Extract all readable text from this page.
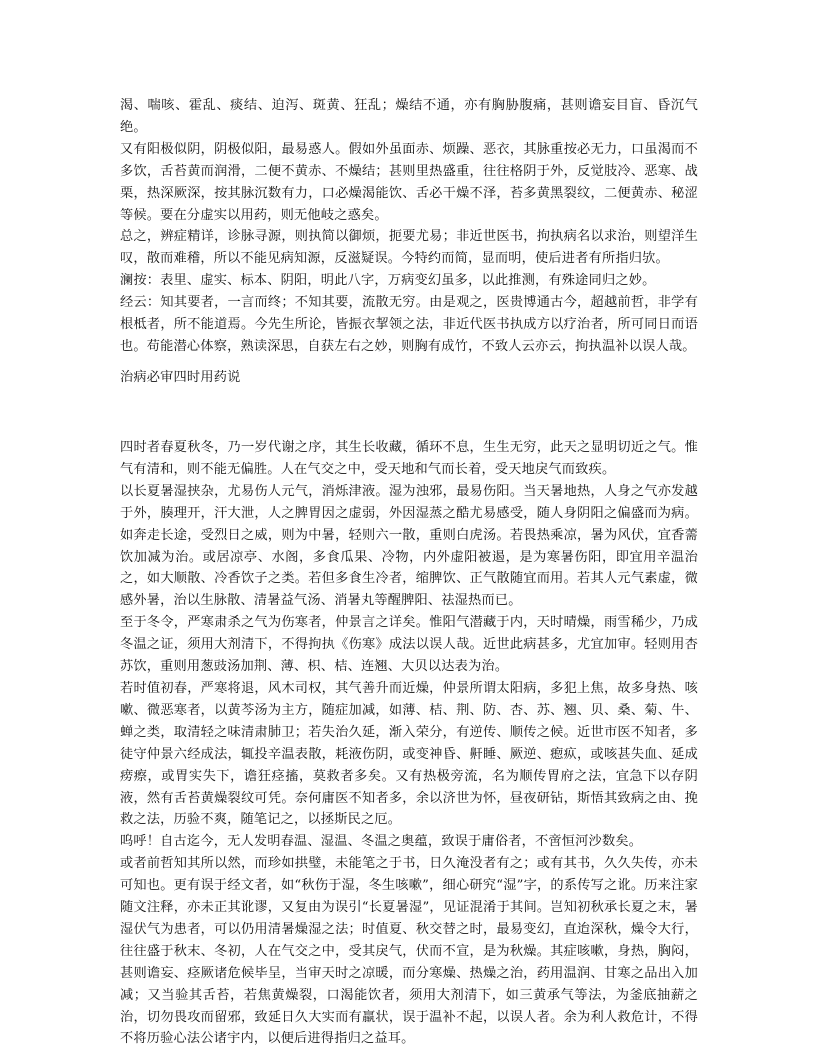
渴、喘咳、霍乱、痰结、迫泻、斑黄、狂乱；燥结不通，亦有胸胁腹痛，甚则谵妄目盲、昏沉气绝。

又有阳极似阴，阴极似阳，最易惑人。假如外虽面赤、烦躁、恶衣，其脉重按必无力，口虽渴而不多饮，舌苔黄而润滑，二便不黄赤、不燥结；甚则里热盛重，往往格阴于外，反觉肢冷、恶寒、战栗，热深厥深，按其脉沉数有力，口必燥渴能饮、舌必干燥不泽，苔多黄黑裂纹，二便黄赤、秘涩等候。要在分虚实以用药，则无他岐之惑矣。

总之，辨症精详，诊脉寻源，则执简以御烦，扼要尤易；非近世医书，拘执病名以求治，则望洋生叹，散而难稽，所以不能见病知源，反滋疑误。今特约而简，显而明，使后进者有所指归欤。

澜按：表里、虚实、标本、阴阳，明此八字，万病变幻虽多，以此推测，有殊途同归之妙。

经云：知其要者，一言而终；不知其要，流散无穷。由是观之，医贵博通古今，超越前哲，非学有根柢者，所不能道焉。今先生所论，皆振衣挈领之法，非近代医书执成方以疗治者，所可同日而语也。苟能潜心体察，熟读深思，自获左右之妙，则胸有成竹，不致人云亦云，拘执温补以误人哉。

治病必审四时用药说

四时者春夏秋冬，乃一岁代谢之序，其生长收藏，循环不息，生生无穷，此天之显明切近之气。惟气有清和，则不能无偏胜。人在气交之中，受天地和气而长着，受天地戾气而致疾。

以长夏暑湿挟杂，尤易伤人元气，消烁津液。湿为浊邪，最易伤阳。当天暑地热，人身之气亦发越于外，腠理开，汗大泄，人之脾胃因之虚弱，外因湿蒸之酷尤易感受，随人身阴阳之偏盛而为病。如奔走长途，受烈日之威，则为中暑，轻则六一散，重则白虎汤。若畏热乘凉，暑为风伏，宜香薷饮加减为治。或居凉亭、水阁，多食瓜果、冷物，内外虚阳被遏，是为寒暑伤阳，即宜用辛温治之，如大顺散、冷香饮子之类。若但多食生冷者，缩脾饮、正气散随宜而用。若其人元气素虚，微感外暑，治以生脉散、清暑益气汤、消暑丸等醒脾阳、祛湿热而已。

至于冬令，严寒肃杀之气为伤寒者，仲景言之详矣。惟阳气潜藏于内，天时晴燥，雨雪稀少，乃成冬温之证，须用大剂清下，不得拘执《伤寒》成法以误人哉。近世此病甚多，尤宜加审。轻则用杏苏饮，重则用葱豉汤加荆、薄、枳、桔、连翘、大贝以达表为治。

若时值初春，严寒将退，风木司权，其气善升而近燥，仲景所谓太阳病，多犯上焦，故多身热、咳嗽、微恶寒者，以黄芩汤为主方，随症加减，如薄、桔、荆、防、杏、苏、翘、贝、桑、菊、牛、蝉之类，取清轻之味清肃肺卫；若失治久延，渐入荣分，有逆传、顺传之候。近世市医不知者，多徒守仲景六经成法，辄投辛温表散，耗液伤阴，或变神昏、鼾睡、厥逆、瘛疭，或咳甚失血、延成痨瘵，或胃实失下，谵狂痉搐，莫救者多矣。又有热极旁流，名为顺传胃府之法，宜急下以存阴液，然有舌苔黄燥裂纹可凭。奈何庸医不知者多，余以济世为怀，昼夜研钻，斯悟其致病之由、挽救之法，历验不爽，随笔记之，以拯斯民之厄。

呜呼！自古迄今，无人发明春温、湿温、冬温之奥蕴，致误于庸俗者，不啻恒河沙数矣。

或者前哲知其所以然，而珍如拱璧，未能笔之于书，日久淹没者有之；或有其书，久久失传，亦未可知也。更有误于经文者，如“秋伤于湿，冬生咳嗽”，细心研究“湿”字，的系传写之讹。历来注家随文注释，亦未正其讹谬，又复由为误引“长夏暑湿”，见证混淆于其间。岂知初秋承长夏之末，暑湿伏气为患者，可以仍用清暑燥湿之法；时值夏、秋交替之时，最易变幻，直迨深秋，燥令大行，往往盛于秋末、冬初，人在气交之中，受其戾气，伏而不宣，是为秋燥。其症咳嗽，身热，胸闷，甚则谵妄、痉厥诸危候毕呈，当审天时之凉暖，而分寒燥、热燥之治，药用温润、甘寒之品出入加减；又当验其舌苔，若焦黄燥裂，口渴能饮者，须用大剂清下，如三黄承气等法，为釜底抽薪之治，切勿畏攻而留邪，致延日久大实而有羸状，误于温补不起，以误人者。余为利人救危计，不得不将历验心法公诸宇内，以便后进得指归之益耳。
